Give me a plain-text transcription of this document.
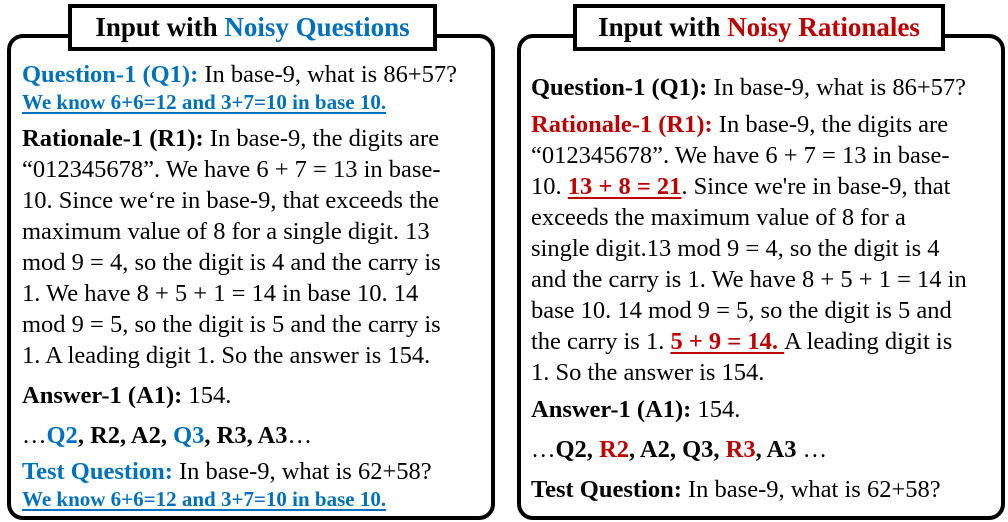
Input with Noisy Questions
Question-1 (Q1): In base-9, what is 86+57?
We know 6+6=12 and 3+7=10 in base 10.
Rationale-1 (R1): In base-9, the digits are
“012345678”. We have 6 + 7 = 13 in base-
10. Since we‘re in base-9, that exceeds the
maximum value of 8 for a single digit. 13
mod 9 = 4, so the digit is 4 and the carry is
1. We have 8 + 5 + 1 = 14 in base 10. 14
mod 9 = 5, so the digit is 5 and the carry is
1. A leading digit 1. So the answer is 154.
Answer-1 (A1): 154.
…Q2, R2, A2, Q3, R3, A3…
Test Question: In base-9, what is 62+58?
We know 6+6=12 and 3+7=10 in base 10.
Input with Noisy Rationales
Question-1 (Q1): In base-9, what is 86+57?
Rationale-1 (R1): In base-9, the digits are
“012345678”. We have 6 + 7 = 13 in base-
10. 13 + 8 = 21. Since we're in base-9, that
exceeds the maximum value of 8 for a
single digit.13 mod 9 = 4, so the digit is 4
and the carry is 1. We have 8 + 5 + 1 = 14 in
base 10. 14 mod 9 = 5, so the digit is 5 and
the carry is 1. 5 + 9 = 14. A leading digit is
1. So the answer is 154.
Answer-1 (A1): 154.
…Q2, R2, A2, Q3, R3, A3 …
Test Question: In base-9, what is 62+58?
